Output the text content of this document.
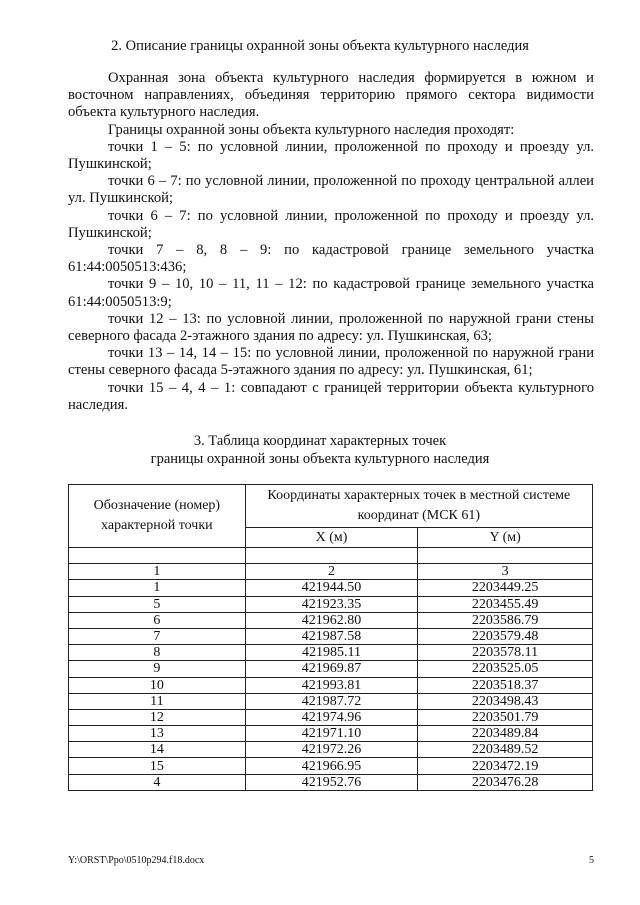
2. Описание границы охранной зоны объекта культурного наследия

Охранная зона объекта культурного наследия формируется в южном и восточном направлениях, объединяя территорию прямого сектора видимости объекта культурного наследия.

Границы охранной зоны объекта культурного наследия проходят:

точки 1 – 5: по условной линии, проложенной по проходу и проезду ул. Пушкинской;

точки 6 – 7: по условной линии, проложенной по проходу центральной аллеи ул. Пушкинской;

точки 6 – 7: по условной линии, проложенной по проходу и проезду ул. Пушкинской;

точки 7 – 8, 8 – 9: по кадастровой границе земельного участка 61:44:0050513:436;

точки 9 – 10, 10 – 11, 11 – 12: по кадастровой границе земельного участка 61:44:0050513:9;

точки 12 – 13: по условной линии, проложенной по наружной грани стены северного фасада 2-этажного здания по адресу: ул. Пушкинская, 63;

точки 13 – 14, 14 – 15: по условной линии, проложенной по наружной грани стены северного фасада 5-этажного здания по адресу: ул. Пушкинская, 61;

точки 15 – 4, 4 – 1: совпадают с границей территории объекта культурного наследия.

3. Таблица координат характерных точек
границы охранной зоны объекта культурного наследия
Обозначение (номер) характерной точки	Координаты характерных точек в местной системе координат (МСК 61)	
	X (м)	Y (м)

1	2	3
1	421944.50	2203449.25
5	421923.35	2203455.49
6	421962.80	2203586.79
7	421987.58	2203579.48
8	421985.11	2203578.11
9	421969.87	2203525.05
10	421993.81	2203518.37
11	421987.72	2203498.43
12	421974.96	2203501.79
13	421971.10	2203489.84
14	421972.26	2203489.52
15	421966.95	2203472.19
4	421952.76	2203476.28
Y:\ORST\Ppo\0510p294.f18.docx	5
